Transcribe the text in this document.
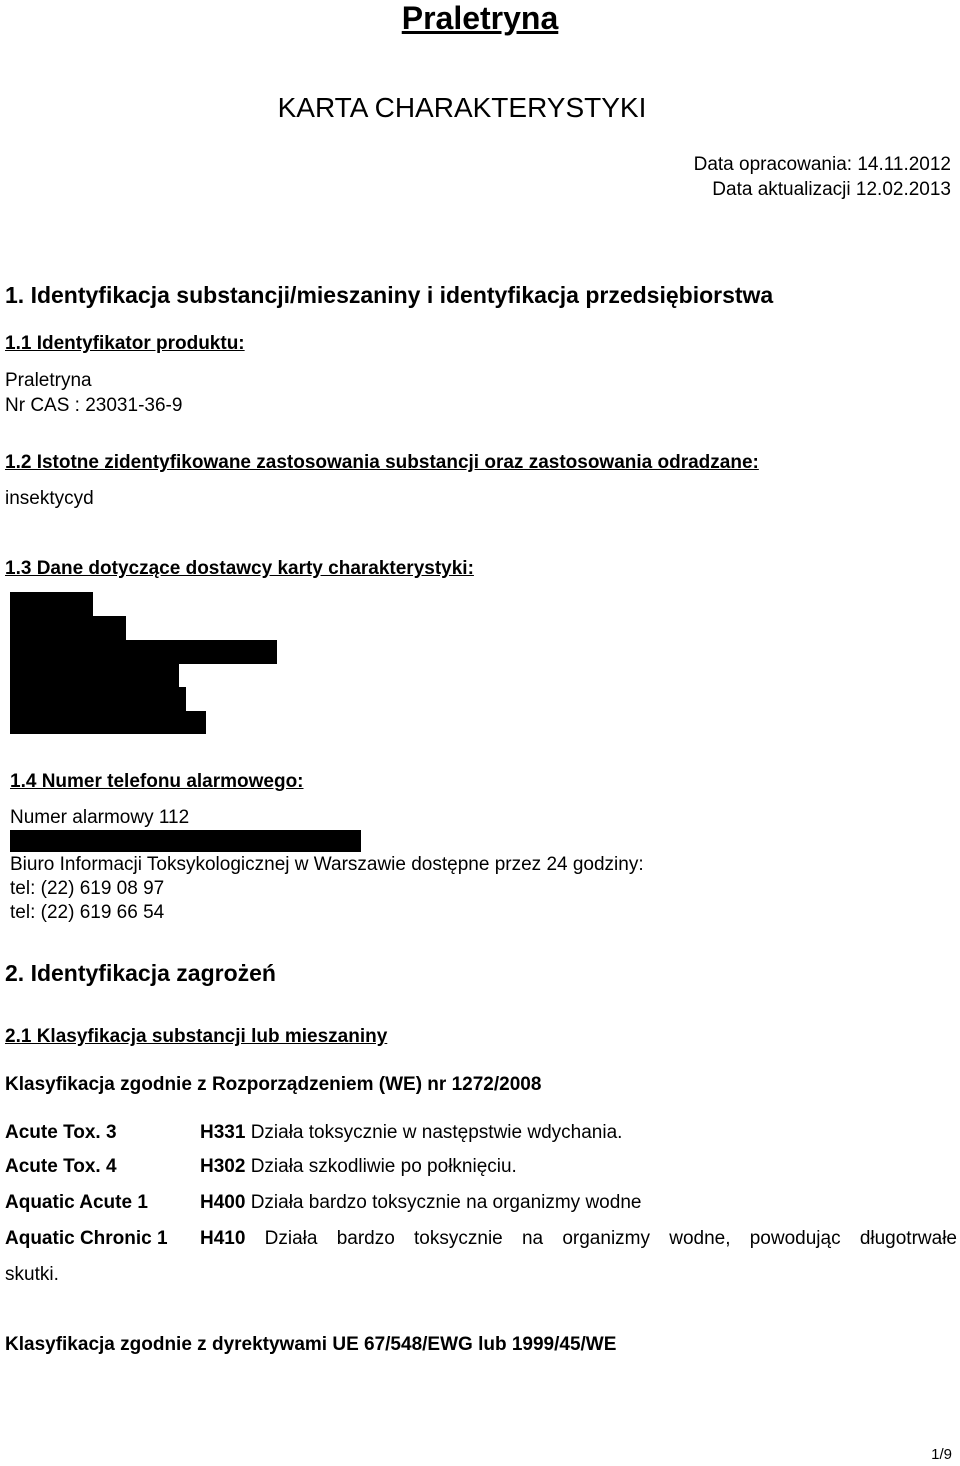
Praletryna
KARTA CHARAKTERYSTYKI
Data opracowania: 14.11.2012
Data aktualizacji 12.02.2013
1. Identyfikacja substancji/mieszaniny i identyfikacja przedsiębiorstwa
1.1 Identyfikator produktu:
Praletryna
Nr CAS : 23031-36-9
1.2 Istotne zidentyfikowane zastosowania substancji oraz zastosowania odradzane:
insektycyd
1.3 Dane dotyczące dostawcy karty charakterystyki:
1.4 Numer telefonu alarmowego:
Numer alarmowy 112
Biuro Informacji Toksykologicznej w Warszawie dostępne przez 24 godziny:
tel: (22) 619 08 97
tel: (22) 619 66 54
2. Identyfikacja zagrożeń
2.1 Klasyfikacja substancji lub mieszaniny
Klasyfikacja zgodnie z Rozporządzeniem (WE) nr 1272/2008
Acute Tox. 3	H331 Działa toksycznie w następstwie wdychania.
Acute Tox. 4	H302 Działa szkodliwie po połknięciu.
Aquatic Acute 1	H400 Działa bardzo toksycznie na organizmy wodne
Aquatic Chronic 1 H410 Działa bardzo toksycznie na organizmy wodne, powodując długotrwałe
skutki.
Klasyfikacja zgodnie z dyrektywami UE 67/548/EWG lub 1999/45/WE
1/9
